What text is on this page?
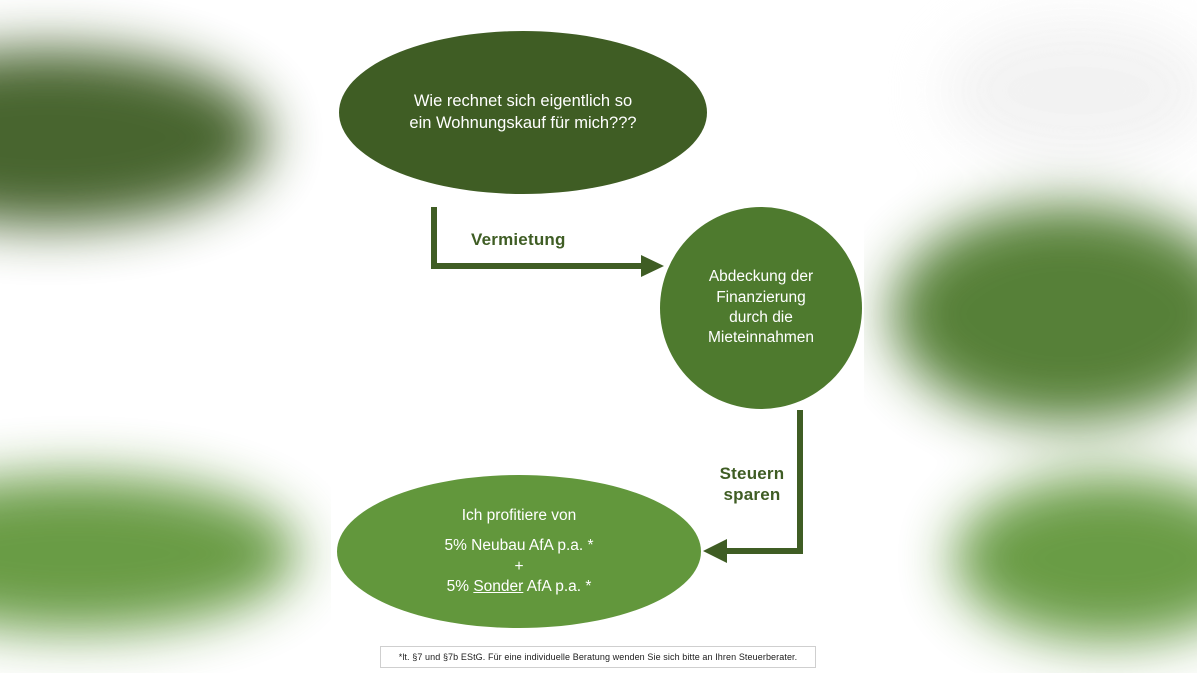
Wie rechnet sich eigentlich so
ein Wohnungskauf für mich???
Vermietung
Abdeckung der
Finanzierung
durch die
Mieteinnahmen
Steuern
sparen
Ich profitiere von
5% Neubau AfA p.a. *
+
5% Sonder AfA p.a. *
*lt. §7 und §7b EStG. Für eine individuelle Beratung wenden Sie sich bitte an Ihren Steuerberater.
